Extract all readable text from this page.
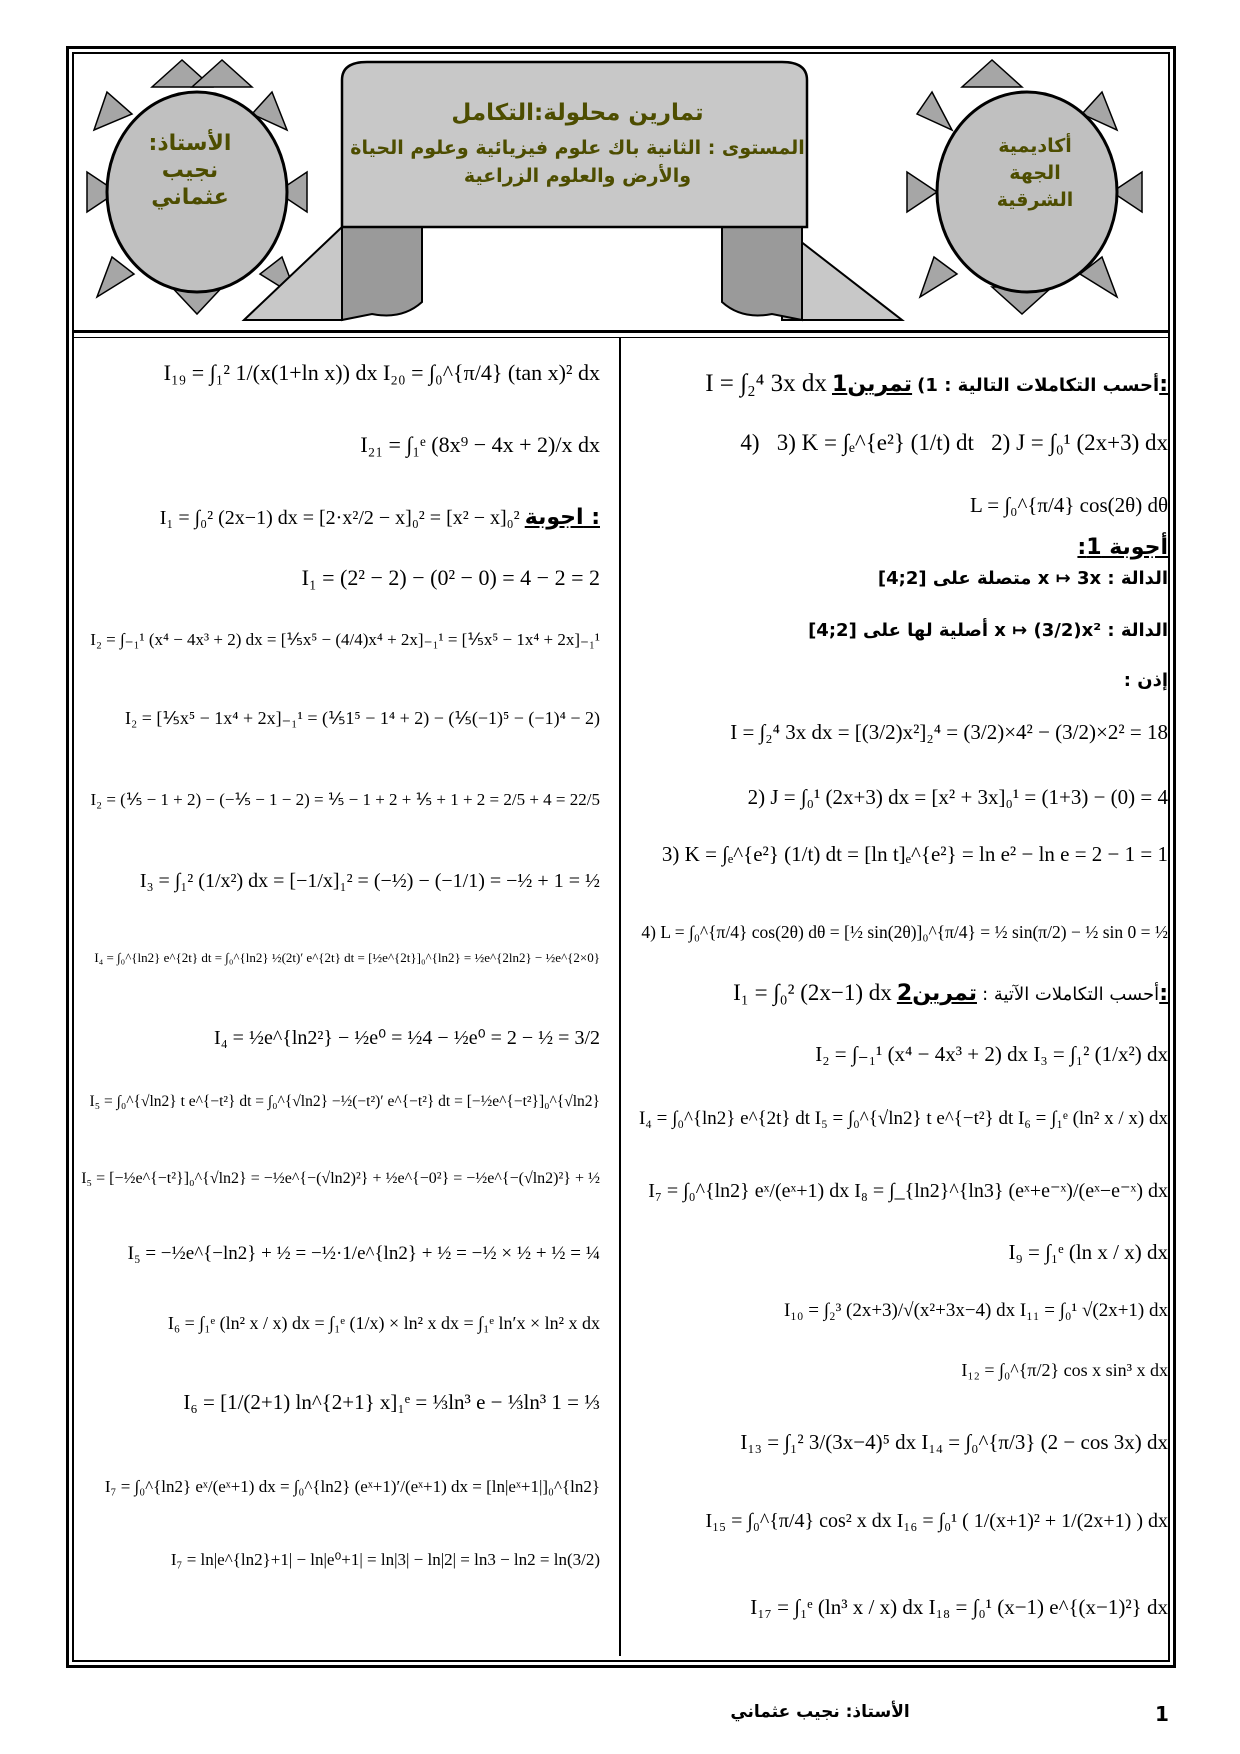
الأستاذ:
نجيب
عثماني
أكاديمية
الجهة
الشرقية
تمارين محلولة:التكامل
المستوى : الثانية باك علوم فيزيائية وعلوم الحياة
والأرض والعلوم الزراعية
I = ∫₂⁴ 3x dx	أحسب التكاملات التالية : 1) تمرين1:
4) 3) K = ∫ₑ^{e²} (1/t) dt 2) J = ∫₀¹ (2x+3) dx
L = ∫₀^{π/4} cos(2θ) dθ
أجوبة 1:
الدالة : x ↦ 3x متصلة على [2;4]
الدالة : x ↦ (3/2)x² أصلية لها على [2;4]
إذن :
I = ∫₂⁴ 3x dx = [(3/2)x²]₂⁴ = (3/2)×4² − (3/2)×2² = 18
2) J = ∫₀¹ (2x+3) dx = [x² + 3x]₀¹ = (1+3) − (0) = 4
3) K = ∫ₑ^{e²} (1/t) dt = [ln t]ₑ^{e²} = ln e² − ln e = 2 − 1 = 1
4) L = ∫₀^{π/4} cos(2θ) dθ = [½ sin(2θ)]₀^{π/4} = ½ sin(π/2) − ½ sin 0 = ½
I₁ = ∫₀² (2x−1) dx	أحسب التكاملات الآتية : تمرين2:
I₂ = ∫₋₁¹ (x⁴ − 4x³ + 2) dx I₃ = ∫₁² (1/x²) dx
I₄ = ∫₀^{ln2} e^{2t} dt I₅ = ∫₀^{√ln2} t e^{−t²} dt I₆ = ∫₁ᵉ (ln² x / x) dx
I₇ = ∫₀^{ln2} eˣ/(eˣ+1) dx I₈ = ∫_{ln2}^{ln3} (eˣ+e⁻ˣ)/(eˣ−e⁻ˣ) dx
I₉ = ∫₁ᵉ (ln x / x) dx
I₁₀ = ∫₂³ (2x+3)/√(x²+3x−4) dx I₁₁ = ∫₀¹ √(2x+1) dx
I₁₂ = ∫₀^{π/2} cos x sin³ x dx
I₁₃ = ∫₁² 3/(3x−4)⁵ dx I₁₄ = ∫₀^{π/3} (2 − cos 3x) dx
I₁₅ = ∫₀^{π/4} cos² x dx I₁₆ = ∫₀¹ ( 1/(x+1)² + 1/(2x+1) ) dx
I₁₇ = ∫₁ᵉ (ln³ x / x) dx I₁₈ = ∫₀¹ (x−1) e^{(x−1)²} dx
I₁₉ = ∫₁² 1/(x(1+ln x)) dx I₂₀ = ∫₀^{π/4} (tan x)² dx
I₂₁ = ∫₁ᵉ (8x⁹ − 4x + 2)/x dx
I₁ = ∫₀² (2x−1) dx = [2·x²/2 − x]₀² = [x² − x]₀² اجوبة :
I₁ = (2² − 2) − (0² − 0) = 4 − 2 = 2
I₂ = ∫₋₁¹ (x⁴ − 4x³ + 2) dx = [⅕x⁵ − (4/4)x⁴ + 2x]₋₁¹ = [⅕x⁵ − 1x⁴ + 2x]₋₁¹
I₂ = [⅕x⁵ − 1x⁴ + 2x]₋₁¹ = (⅕1⁵ − 1⁴ + 2) − (⅕(−1)⁵ − (−1)⁴ − 2)
I₂ = (⅕ − 1 + 2) − (−⅕ − 1 − 2) = ⅕ − 1 + 2 + ⅕ + 1 + 2 = 2/5 + 4 = 22/5
I₃ = ∫₁² (1/x²) dx = [−1/x]₁² = (−½) − (−1/1) = −½ + 1 = ½
I₄ = ∫₀^{ln2} e^{2t} dt = ∫₀^{ln2} ½(2t)′ e^{2t} dt = [½e^{2t}]₀^{ln2} = ½e^{2ln2} − ½e^{2×0}
I₄ = ½e^{ln2²} − ½e⁰ = ½4 − ½e⁰ = 2 − ½ = 3/2
I₅ = ∫₀^{√ln2} t e^{−t²} dt = ∫₀^{√ln2} −½(−t²)′ e^{−t²} dt = [−½e^{−t²}]₀^{√ln2}
I₅ = [−½e^{−t²}]₀^{√ln2} = −½e^{−(√ln2)²} + ½e^{−0²} = −½e^{−(√ln2)²} + ½
I₅ = −½e^{−ln2} + ½ = −½·1/e^{ln2} + ½ = −½ × ½ + ½ = ¼
I₆ = ∫₁ᵉ (ln² x / x) dx = ∫₁ᵉ (1/x) × ln² x dx = ∫₁ᵉ ln′x × ln² x dx
I₆ = [1/(2+1) ln^{2+1} x]₁ᵉ = ⅓ln³ e − ⅓ln³ 1 = ⅓
I₇ = ∫₀^{ln2} eˣ/(eˣ+1) dx = ∫₀^{ln2} (eˣ+1)′/(eˣ+1) dx = [ln|eˣ+1|]₀^{ln2}
I₇ = ln|e^{ln2}+1| − ln|e⁰+1| = ln|3| − ln|2| = ln3 − ln2 = ln(3/2)
الأستاذ: نجيب عثماني	1
